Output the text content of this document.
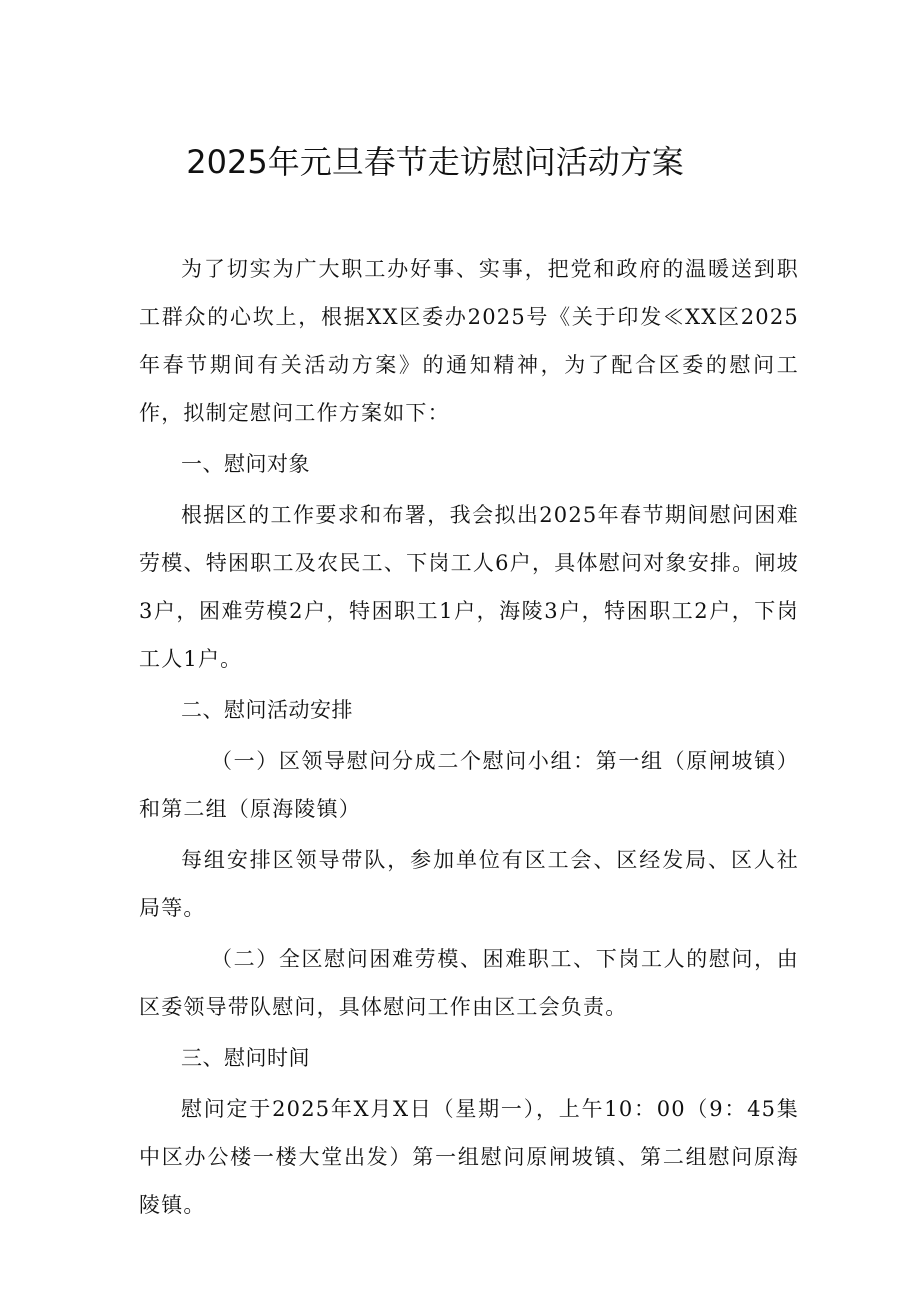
2025年元旦春节走访慰问活动方案

为了切实为广大职工办好事、实事，把党和政府的温暖送到职工群众的心坎上，根据XX区委办2025号《关于印发≪XX区2025年春节期间有关活动方案》的通知精神，为了配合区委的慰问工作，拟制定慰问工作方案如下：

一、慰问对象

根据区的工作要求和布署，我会拟出2025年春节期间慰问困难劳模、特困职工及农民工、下岗工人6户，具体慰问对象安排。闸坡3户，困难劳模2户，特困职工1户，海陵3户，特困职工2户，下岗工人1户。

二、慰问活动安排

（一）区领导慰问分成二个慰问小组：第一组（原闸坡镇）和第二组（原海陵镇）

每组安排区领导带队，参加单位有区工会、区经发局、区人社局等。

（二）全区慰问困难劳模、困难职工、下岗工人的慰问，由区委领导带队慰问，具体慰问工作由区工会负责。

三、慰问时间

慰问定于2025年X月X日（星期一），上午10：00（9：45集中区办公楼一楼大堂出发）第一组慰问原闸坡镇、第二组慰问原海陵镇。
